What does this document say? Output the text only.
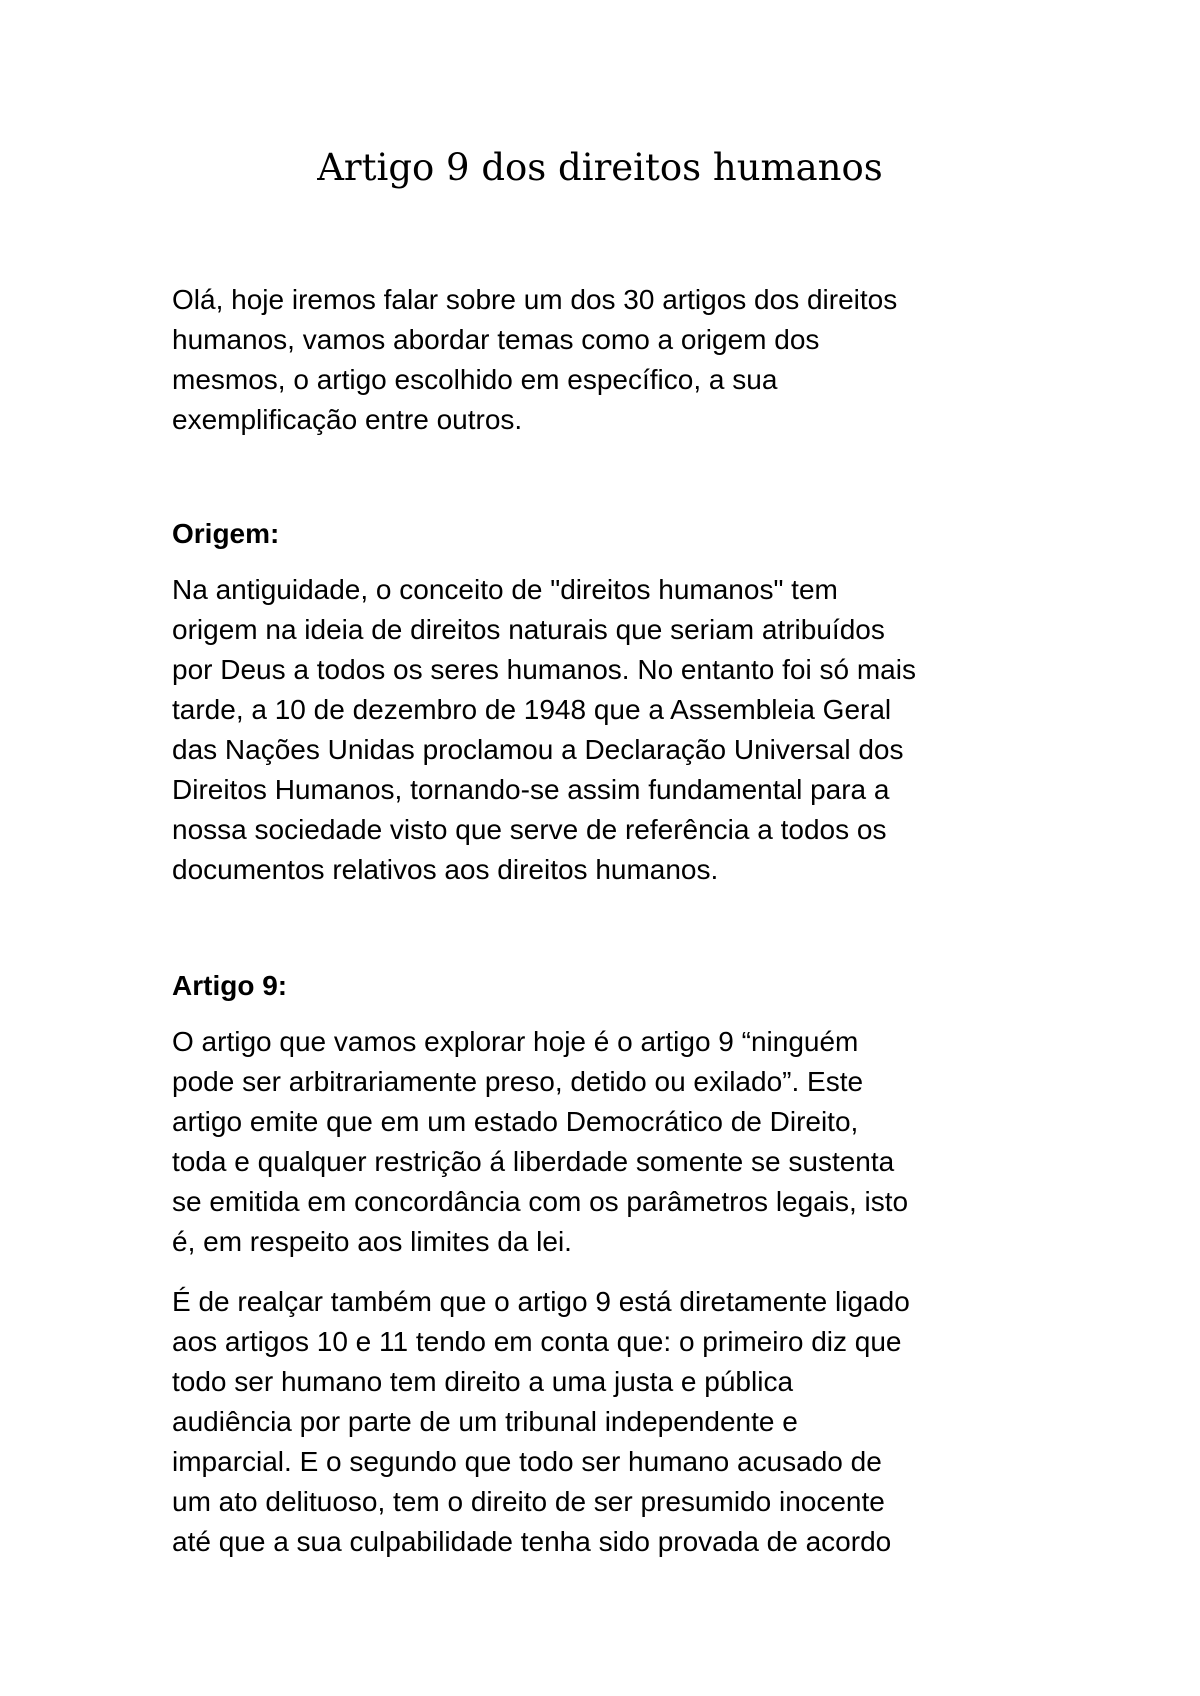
Artigo 9 dos direitos humanos

Olá, hoje iremos falar sobre um dos 30 artigos dos direitos
humanos, vamos abordar temas como a origem dos
mesmos, o artigo escolhido em específico, a sua
exemplificação entre outros.

Origem:

Na antiguidade, o conceito de "direitos humanos" tem
origem na ideia de direitos naturais que seriam atribuídos
por Deus a todos os seres humanos. No entanto foi só mais
tarde, a 10 de dezembro de 1948 que a Assembleia Geral
das Nações Unidas proclamou a Declaração Universal dos
Direitos Humanos, tornando-se assim fundamental para a
nossa sociedade visto que serve de referência a todos os
documentos relativos aos direitos humanos.

Artigo 9:

O artigo que vamos explorar hoje é o artigo 9 “ninguém
pode ser arbitrariamente preso, detido ou exilado”. Este
artigo emite que em um estado Democrático de Direito,
toda e qualquer restrição á liberdade somente se sustenta
se emitida em concordância com os parâmetros legais, isto
é, em respeito aos limites da lei.

É de realçar também que o artigo 9 está diretamente ligado
aos artigos 10 e 11 tendo em conta que: o primeiro diz que
todo ser humano tem direito a uma justa e pública
audiência por parte de um tribunal independente e
imparcial. E o segundo que todo ser humano acusado de
um ato delituoso, tem o direito de ser presumido inocente
até que a sua culpabilidade tenha sido provada de acordo
